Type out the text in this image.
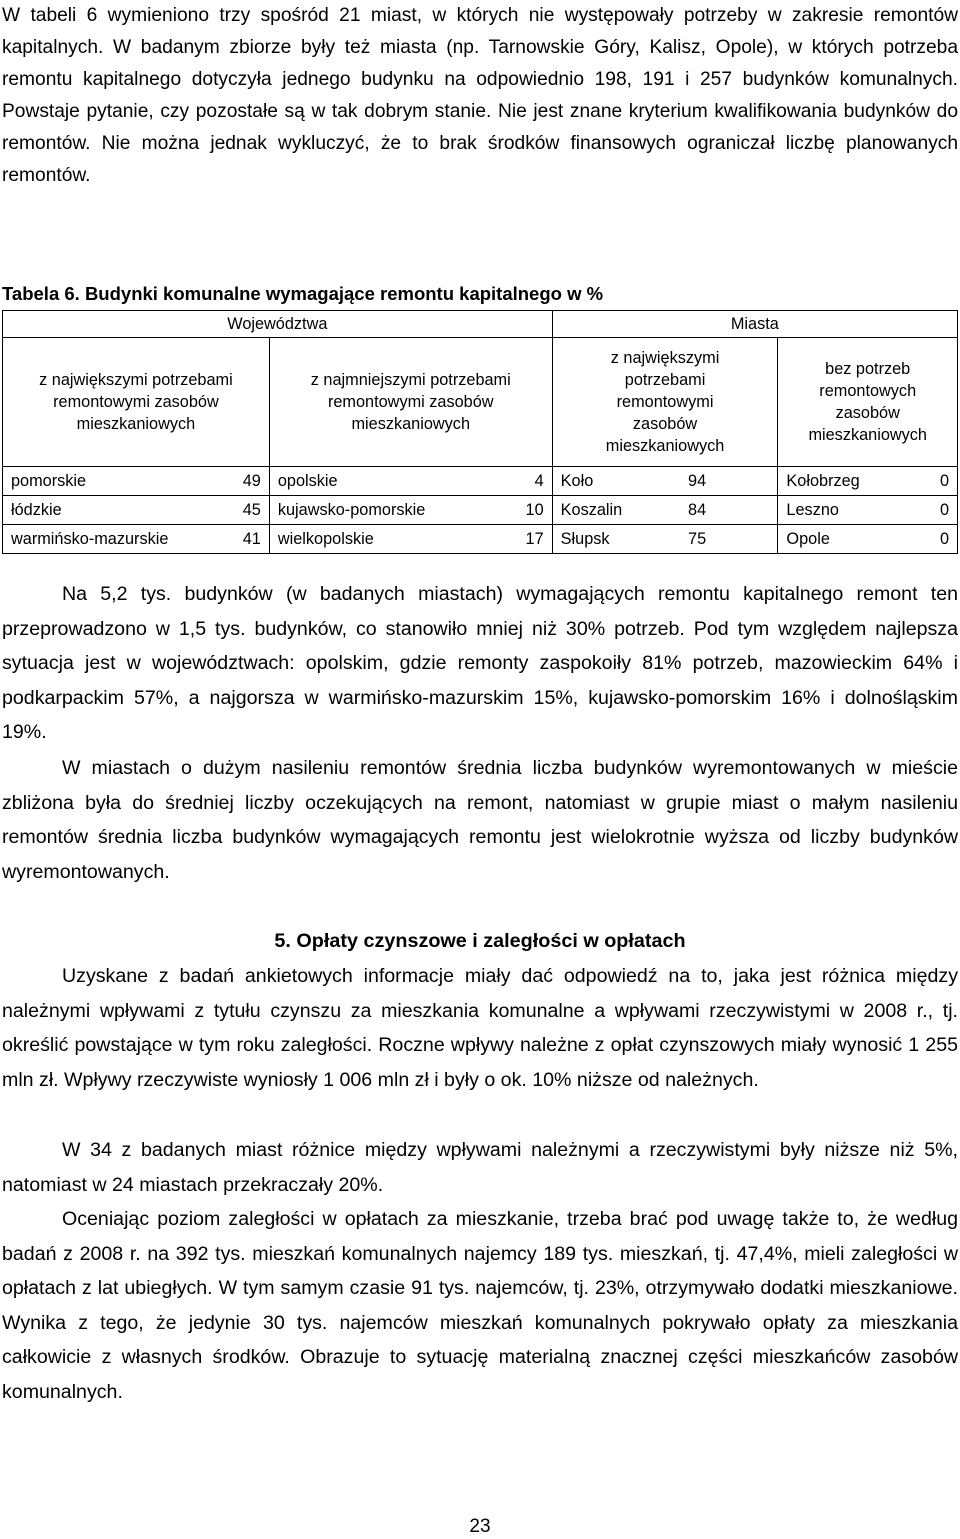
W tabeli 6 wymieniono trzy spośród 21 miast, w których nie występowały potrzeby w zakresie remontów kapitalnych. W badanym zbiorze były też miasta (np. Tarnowskie Góry, Kalisz, Opole), w których potrzeba remontu kapitalnego dotyczyła jednego budynku na odpowiednio 198, 191 i 257 budynków komunalnych. Powstaje pytanie, czy pozostałe są w tak dobrym stanie. Nie jest znane kryterium kwalifikowania budynków do remontów. Nie można jednak wykluczyć, że to brak środków finansowych ograniczał liczbę planowanych remontów.

Tabela 6. Budynki komunalne wymagające remontu kapitalnego w %

Województwa				Miasta			
z największymi potrzebami remontowymi zasobów mieszkaniowych		z najmniejszymi potrzebami remontowymi zasobów mieszkaniowych		z największymi potrzebami remontowymi zasobów mieszkaniowych		bez potrzeb remontowych zasobów mieszkaniowych	
pomorskie	49	opolskie	4	Koło	94	Kołobrzeg	0
łódzkie	45	kujawsko-pomorskie	10	Koszalin	84	Leszno	0
warmińsko-mazurskie	41	wielkopolskie	17	Słupsk	75	Opole	0

Na 5,2 tys. budynków (w badanych miastach) wymagających remontu kapitalnego remont ten przeprowadzono w 1,5 tys. budynków, co stanowiło mniej niż 30% potrzeb. Pod tym względem najlepsza sytuacja jest w województwach: opolskim, gdzie remonty zaspokoiły 81% potrzeb, mazowieckim 64% i podkarpackim 57%, a najgorsza w warmińsko-mazurskim 15%, kujawsko-pomorskim 16% i dolnośląskim 19%.

W miastach o dużym nasileniu remontów średnia liczba budynków wyremontowanych w mieście zbliżona była do średniej liczby oczekujących na remont, natomiast w grupie miast o małym nasileniu remontów średnia liczba budynków wymagających remontu jest wielokrotnie wyższa od liczby budynków wyremontowanych.

5. Opłaty czynszowe i zaległości w opłatach

Uzyskane z badań ankietowych informacje miały dać odpowiedź na to, jaka jest różnica między należnymi wpływami z tytułu czynszu za mieszkania komunalne a wpływami rzeczywistymi w 2008 r., tj. określić powstające w tym roku zaległości. Roczne wpływy należne z opłat czynszowych miały wynosić 1 255 mln zł. Wpływy rzeczywiste wyniosły 1 006 mln zł i były o ok. 10% niższe od należnych.

W 34 z badanych miast różnice między wpływami należnymi a rzeczywistymi były niższe niż 5%, natomiast w 24 miastach przekraczały 20%.

Oceniając poziom zaległości w opłatach za mieszkanie, trzeba brać pod uwagę także to, że według badań z 2008 r. na 392 tys. mieszkań komunalnych najemcy 189 tys. mieszkań, tj. 47,4%, mieli zaległości w opłatach z lat ubiegłych. W tym samym czasie 91 tys. najemców, tj. 23%, otrzymywało dodatki mieszkaniowe. Wynika z tego, że jedynie 30 tys. najemców mieszkań komunalnych pokrywało opłaty za mieszkania całkowicie z własnych środków. Obrazuje to sytuację materialną znacznej części mieszkańców zasobów komunalnych.

23
